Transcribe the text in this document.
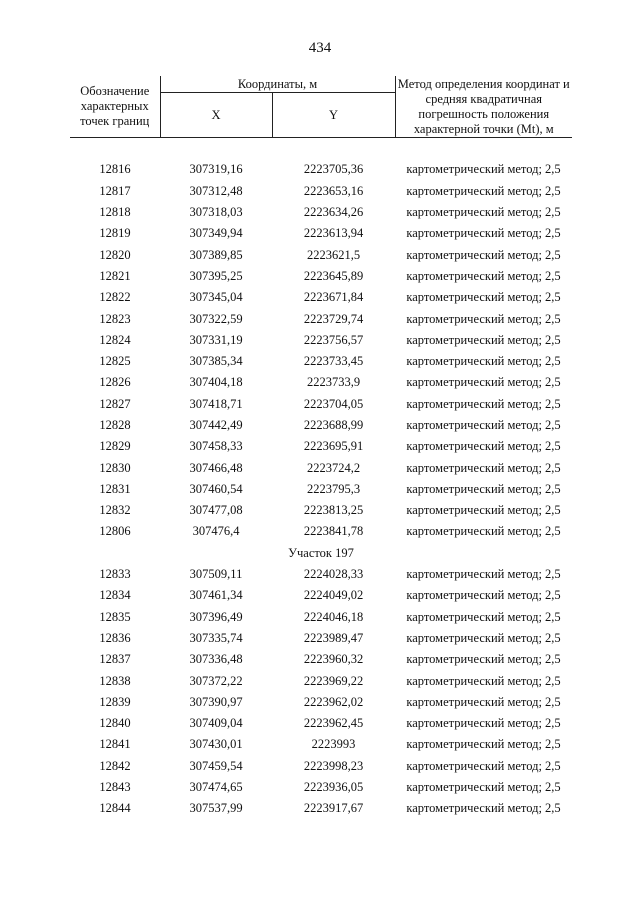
434
Обозначение характерных точек границ	Координаты, м		Метод определения координат и средняя квадратичная погрешность положения характерной точки (Mt), м
	X	Y	

12816	307319,16	2223705,36	картометрический метод; 2,5
12817	307312,48	2223653,16	картометрический метод; 2,5
12818	307318,03	2223634,26	картометрический метод; 2,5
12819	307349,94	2223613,94	картометрический метод; 2,5
12820	307389,85	2223621,5	картометрический метод; 2,5
12821	307395,25	2223645,89	картометрический метод; 2,5
12822	307345,04	2223671,84	картометрический метод; 2,5
12823	307322,59	2223729,74	картометрический метод; 2,5
12824	307331,19	2223756,57	картометрический метод; 2,5
12825	307385,34	2223733,45	картометрический метод; 2,5
12826	307404,18	2223733,9	картометрический метод; 2,5
12827	307418,71	2223704,05	картометрический метод; 2,5
12828	307442,49	2223688,99	картометрический метод; 2,5
12829	307458,33	2223695,91	картометрический метод; 2,5
12830	307466,48	2223724,2	картометрический метод; 2,5
12831	307460,54	2223795,3	картометрический метод; 2,5
12832	307477,08	2223813,25	картометрический метод; 2,5
12806	307476,4	2223841,78	картометрический метод; 2,5
Участок 197			
12833	307509,11	2224028,33	картометрический метод; 2,5
12834	307461,34	2224049,02	картометрический метод; 2,5
12835	307396,49	2224046,18	картометрический метод; 2,5
12836	307335,74	2223989,47	картометрический метод; 2,5
12837	307336,48	2223960,32	картометрический метод; 2,5
12838	307372,22	2223969,22	картометрический метод; 2,5
12839	307390,97	2223962,02	картометрический метод; 2,5
12840	307409,04	2223962,45	картометрический метод; 2,5
12841	307430,01	2223993	картометрический метод; 2,5
12842	307459,54	2223998,23	картометрический метод; 2,5
12843	307474,65	2223936,05	картометрический метод; 2,5
12844	307537,99	2223917,67	картометрический метод; 2,5
